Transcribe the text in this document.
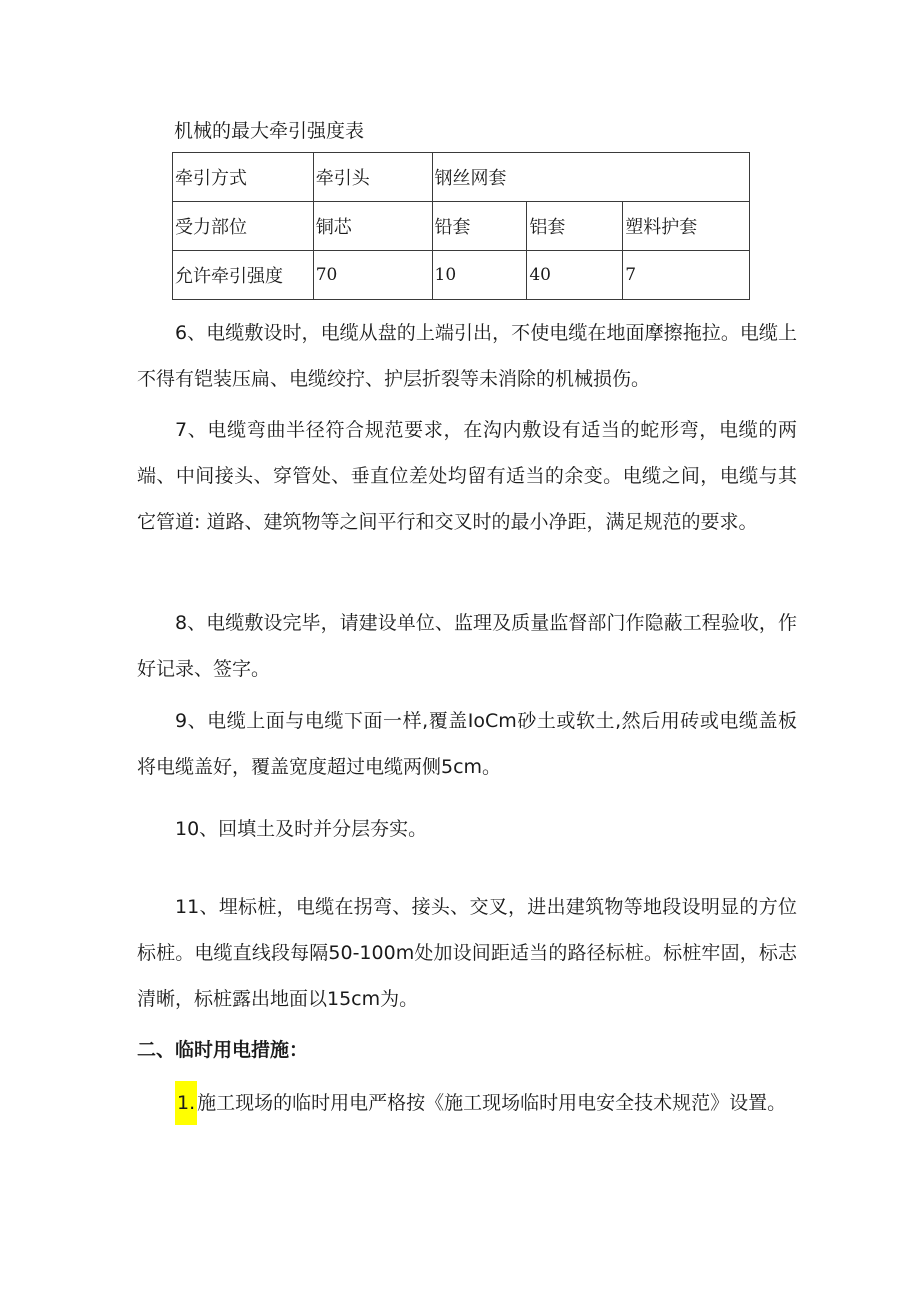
机械的最大牵引强度表
牵引方式	牵引头	钢丝网套		
受力部位	铜芯	铅套	铝套	塑料护套
允许牵引强度	70	10	40	7

6、电缆敷设时，电缆从盘的上端引出，不使电缆在地面摩擦拖拉。电缆上不得有铠装压扁、电缆绞拧、护层折裂等未消除的机械损伤。

7、电缆弯曲半径符合规范要求，在沟内敷设有适当的蛇形弯，电缆的两端、中间接头、穿管处、垂直位差处均留有适当的余变。电缆之间，电缆与其它管道: 道路、建筑物等之间平行和交叉时的最小净距，满足规范的要求。

8、电缆敷设完毕，请建设单位、监理及质量监督部门作隐蔽工程验收，作好记录、签字。

9、电缆上面与电缆下面一样,覆盖IoCm砂土或软土,然后用砖或电缆盖板将电缆盖好，覆盖宽度超过电缆两侧5cm。

10、回填土及时并分层夯实。

11、埋标桩，电缆在拐弯、接头、交叉，进出建筑物等地段设明显的方位标桩。电缆直线段每隔50-100m处加设间距适当的路径标桩。标桩牢固，标志清晰，标桩露出地面以15cm为。

二、临时用电措施：

1. 施工现场的临时用电严格按《施工现场临时用电安全技术规范》设置。
